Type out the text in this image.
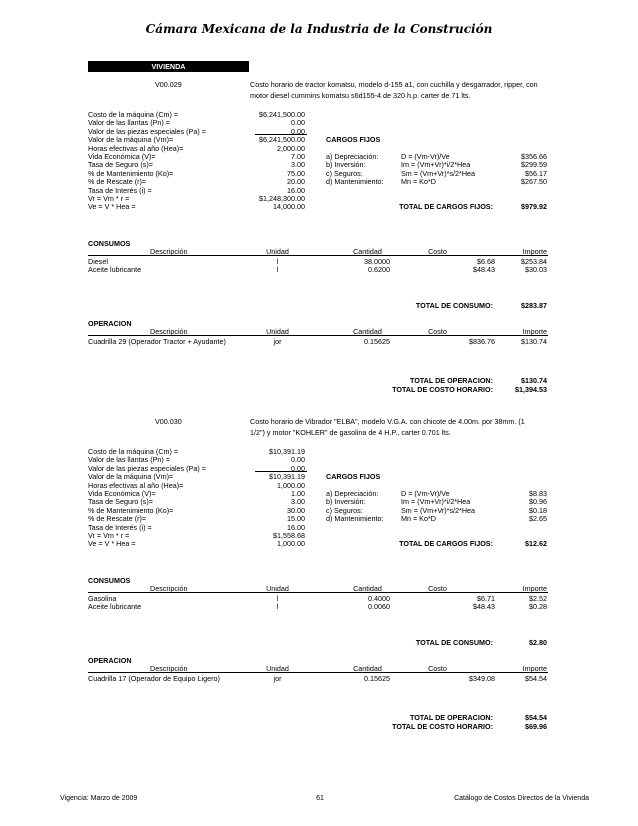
Cámara Mexicana de la Industria de la Construción
VIVIENDA
V00.029	Costo horario de tractor komatsu, modelo d-155 a1, con cuchilla y desgarrador, ripper, con
motor diesel cummins komatsu s6d155-4 de 320 h.p. carter de 71 lts.
Costo de la máquina (Cm) =	$6,241,500.00
Valor de las llantas (Pn) =	0.00
Valor de las piezas especiales (Pa) =	0.00
Valor de la máquina (Vm)=	$6,241,500.00
Horas efectivas al año (Hea)=	2,000.00
Vida Económica (V)=	7.00
Tasa de Seguro (s)=	3.00
% de Mantenimiento (Ko)=	75.00
% de Rescate (r)=	20.00
Tasa de Interés (i) =	16.00
Vr = Vm * r =	$1,248,300.00
Ve = V * Hea =	14,000.00
CARGOS FIJOS
a) Depreciación:	D = (Vm-Vr)/Ve	$356.66
b) Inversión:	Im = (Vm+Vr)*i/2*Hea	$299.59
c) Seguros:	Sm = (Vm+Vr)*s/2*Hea	$56.17
d) Mantenimiento: Mn = Ko*D	$267.50
TOTAL DE CARGOS FIJOS:	$979.92
CONSUMOS
Descripción	Unidad	Cantidad	Costo	Importe
Diesel	l	38.0000	$6.68	$253.84
Aceite lubricante	l	0.6200	$48.43	$30.03
TOTAL DE CONSUMO:	$283.87
OPERACION
Descripción	Unidad	Cantidad	Costo	Importe
Cuadrilla 29 (Operador Tractor + Ayudante)	jor	0.15625	$836.76	$130.74
TOTAL DE OPERACION:	$130.74
TOTAL DE COSTO HORARIO:	$1,394.53
V00.030	Costo horario de Vibrador "ELBA", modelo V.G.A. con chicote de 4.00m. por 38mm. (1
1/2") y motor "KOHLER" de gasolina de 4 H.P., carter 0.701 lts.
Costo de la máquina (Cm) =	$10,391.19
Valor de las llantas (Pn) =	0.00
Valor de las piezas especiales (Pa) =	0.00
Valor de la máquina (Vm)=	$10,391.19
Horas efectivas al año (Hea)=	1,000.00
Vida Económica (V)=	1.00
Tasa de Seguro (s)=	3.00
% de Mantenimiento (Ko)=	30.00
% de Rescate (r)=	15.00
Tasa de Interés (i) =	16.00
Vr = Vm * r =	$1,558.68
Ve = V * Hea =	1,000.00
CARGOS FIJOS
a) Depreciación:	D = (Vm-Vr)/Ve	$8.83
b) Inversión:	Im = (Vm+Vr)*i/2*Hea	$0.96
c) Seguros:	Sm = (Vm+Vr)*s/2*Hea	$0.18
d) Mantenimiento: Mn = Ko*D	$2.65
TOTAL DE CARGOS FIJOS:	$12.62
CONSUMOS
Descripción	Unidad	Cantidad	Costo	Importe
Gasolina	l	0.4000	$6.71	$2.52
Aceite lubricante	l	0.0060	$48.43	$0.28
TOTAL DE CONSUMO:	$2.80
OPERACION
Descripción	Unidad	Cantidad	Costo	Importe
Cuadrilla 17 (Operador de Equipo Ligero)	jor	0.15625	$349.08	$54.54
TOTAL DE OPERACION:	$54.54
TOTAL DE COSTO HORARIO:	$69.96
Vigencia: Marzo de 2009	61	Catálogo de Costos Directos de la Vivienda
